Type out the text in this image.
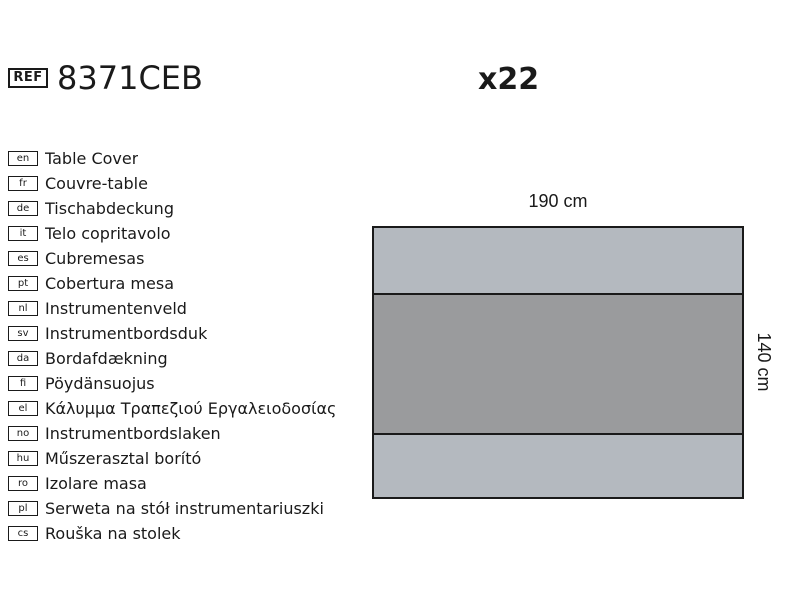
REF 8371CEB	x22
en Table Cover
fr	Couvre-table
de Tischabdeckung
it	Telo copritavolo
es	Cubremesas
pt	Cobertura mesa
nl	Instrumentenveld
sv	Instrumentbordsduk
da Bordafdækning
fi	Pöydänsuojus
el	Κάλυμμα Τραπεζιού Εργαλειοδοσίας
no Instrumentbordslaken
hu Műszerasztal borító
ro	Izolare masa
pl	Serweta na stół instrumentariuszki
cs	Rouška na stolek
190 cm
140 cm
